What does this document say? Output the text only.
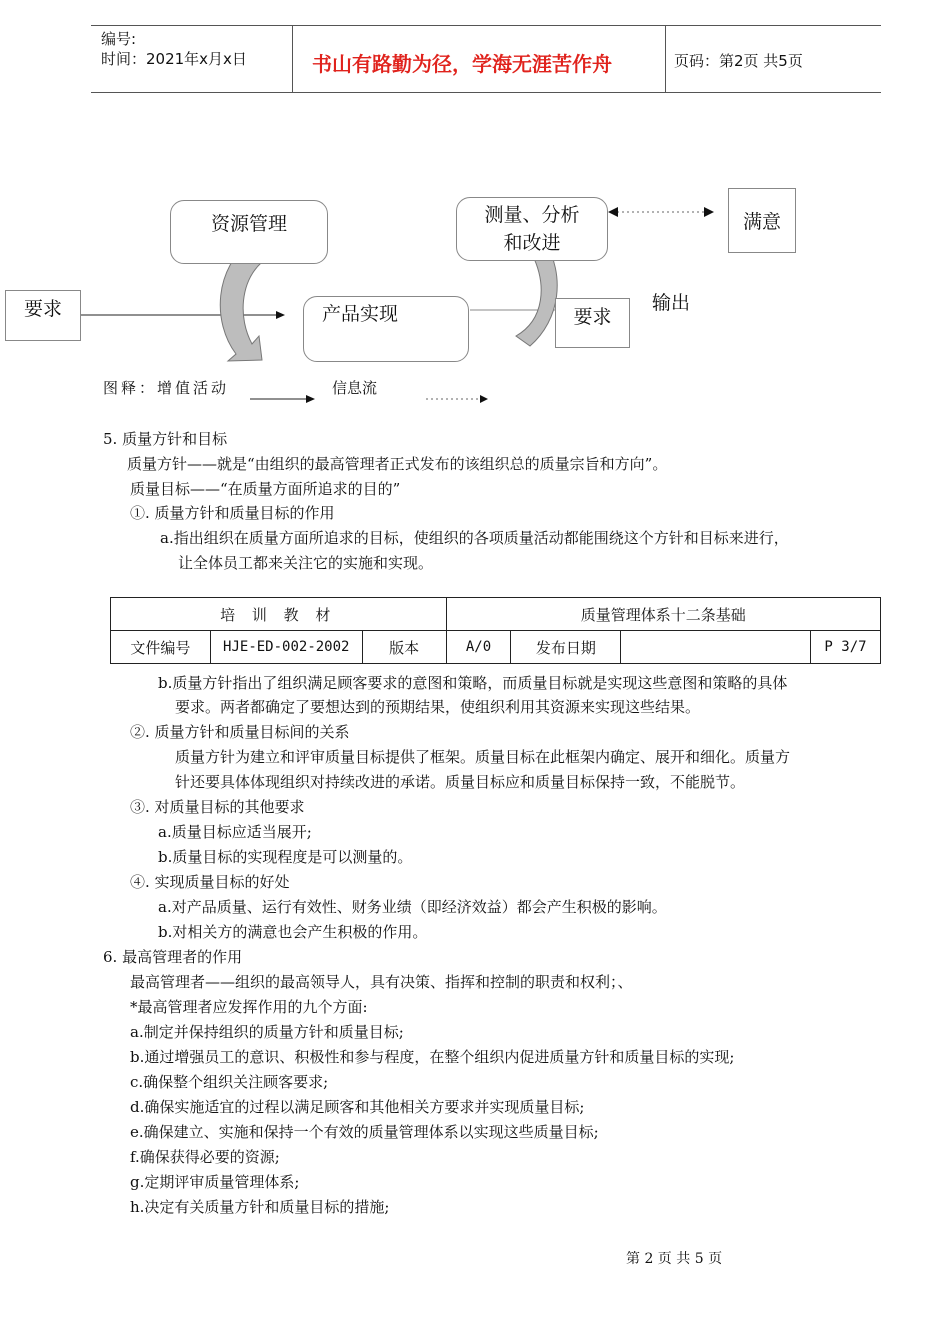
编号:
时间：2021年x月x日	书山有路勤为径，学海无涯苦作舟	页码：第2页 共5页
资源管理	测量、分析
和改进
满意
要求	产品实现	要求
输出
图释：增值活动	信息流
5. 质量方针和目标
质量方针——就是“由组织的最高管理者正式发布的该组织总的质量宗旨和方向”。
质量目标——“在质量方面所追求的目的”
①. 质量方针和质量目标的作用
a.指出组织在质量方面所追求的目标，使组织的各项质量活动都能围绕这个方针和目标来进行，
让全体员工都来关注它的实施和实现。
培 训 教 材			质量管理体系十二条基础			
文件编号	HJE-ED-002-2002	版本	A/0	发布日期		P 3/7
b.质量方针指出了组织满足顾客要求的意图和策略，而质量目标就是实现这些意图和策略的具体
要求。两者都确定了要想达到的预期结果，使组织利用其资源来实现这些结果。
②. 质量方针和质量目标间的关系
质量方针为建立和评审质量目标提供了框架。质量目标在此框架内确定、展开和细化。质量方
针还要具体体现组织对持续改进的承诺。质量目标应和质量目标保持一致，不能脱节。
③. 对质量目标的其他要求
a.质量目标应适当展开;
b.质量目标的实现程度是可以测量的。
④. 实现质量目标的好处
a.对产品质量、运行有效性、财务业绩（即经济效益）都会产生积极的影响。
b.对相关方的满意也会产生积极的作用。
6. 最高管理者的作用
最高管理者——组织的最高领导人，具有决策、指挥和控制的职责和权利；、
*最高管理者应发挥作用的九个方面:
a.制定并保持组织的质量方针和质量目标;
b.通过增强员工的意识、积极性和参与程度，在整个组织内促进质量方针和质量目标的实现;
c.确保整个组织关注顾客要求;
d.确保实施适宜的过程以满足顾客和其他相关方要求并实现质量目标;
e.确保建立、实施和保持一个有效的质量管理体系以实现这些质量目标;
f.确保获得必要的资源;
g.定期评审质量管理体系;
h.决定有关质量方针和质量目标的措施;
第 2 页 共 5 页
